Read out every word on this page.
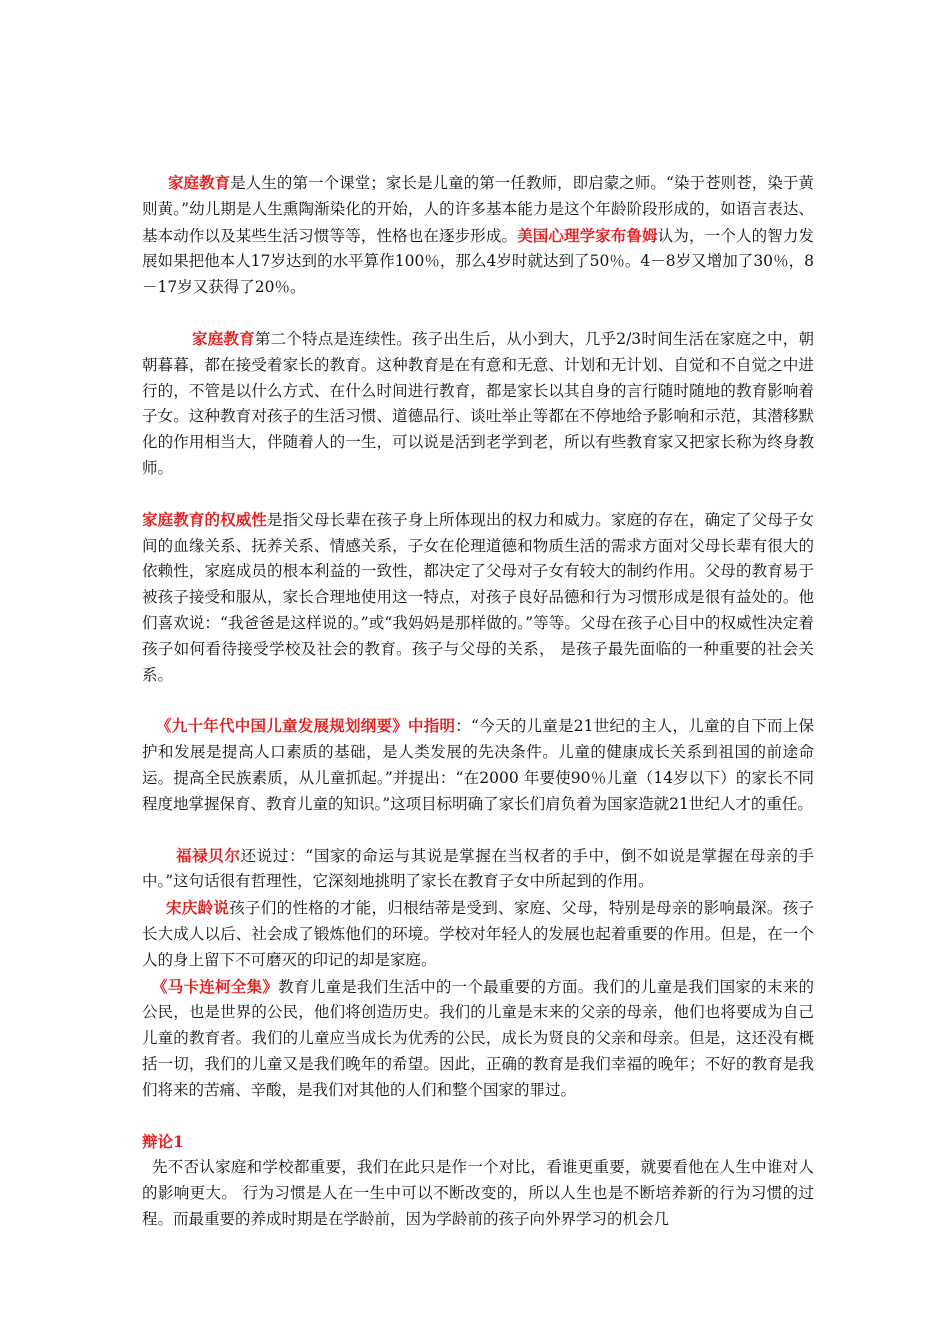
家庭教育是人生的第一个课堂；家长是儿童的第一任教师，即启蒙之师。“染于苍则苍，染于黄则黄。”幼儿期是人生熏陶渐染化的开始，人的许多基本能力是这个年龄阶段形成的，如语言表达、基本动作以及某些生活习惯等等，性格也在逐步形成。美国心理学家布鲁姆认为，一个人的智力发展如果把他本人17岁达到的水平算作100％，那么4岁时就达到了50％。4－8岁又增加了30％，8－17岁又获得了20％。

家庭教育第二个特点是连续性。孩子出生后，从小到大，几乎2/3时间生活在家庭之中，朝朝暮暮，都在接受着家长的教育。这种教育是在有意和无意、计划和无计划、自觉和不自觉之中进行的，不管是以什么方式、在什么时间进行教育，都是家长以其自身的言行随时随地的教育影响着子女。这种教育对孩子的生活习惯、道德品行、谈吐举止等都在不停地给予影响和示范，其潜移默化的作用相当大，伴随着人的一生，可以说是活到老学到老，所以有些教育家又把家长称为终身教师。

家庭教育的权威性是指父母长辈在孩子身上所体现出的权力和威力。家庭的存在，确定了父母子女间的血缘关系、抚养关系、情感关系，子女在伦理道德和物质生活的需求方面对父母长辈有很大的依赖性，家庭成员的根本利益的一致性，都决定了父母对子女有较大的制约作用。父母的教育易于被孩子接受和服从，家长合理地使用这一特点，对孩子良好品德和行为习惯形成是很有益处的。他们喜欢说：“我爸爸是这样说的。”或“我妈妈是那样做的。”等等。父母在孩子心目中的权威性决定着孩子如何看待接受学校及社会的教育。孩子与父母的关系， 是孩子最先面临的一种重要的社会关系。

《九十年代中国儿童发展规划纲要》中指明：“今天的儿童是21世纪的主人，儿童的自下而上保护和发展是提高人口素质的基础，是人类发展的先决条件。儿童的健康成长关系到祖国的前途命运。提高全民族素质，从儿童抓起。”并提出：“在2000 年要使90％儿童（14岁以下）的家长不同程度地掌握保育、教育儿童的知识。”这项目标明确了家长们肩负着为国家造就21世纪人才的重任。

福禄贝尔还说过：“国家的命运与其说是掌握在当权者的手中，倒不如说是掌握在母亲的手中。”这句话很有哲理性，它深刻地挑明了家长在教育子女中所起到的作用。

宋庆龄说孩子们的性格的才能，归根结蒂是受到、家庭、父母，特别是母亲的影响最深。孩子长大成人以后、社会成了锻炼他们的环境。学校对年轻人的发展也起着重要的作用。但是，在一个人的身上留下不可磨灭的印记的却是家庭。

《马卡连柯全集》教育儿童是我们生活中的一个最重要的方面。我们的儿童是我们国家的末来的公民，也是世界的公民，他们将创造历史。我们的儿童是末来的父亲的母亲，他们也将要成为自己儿童的教育者。我们的儿童应当成长为优秀的公民，成长为贤良的父亲和母亲。但是，这还没有概括一切，我们的儿童又是我们晚年的希望。因此，正确的教育是我们幸福的晚年；不好的教育是我们将来的苦痛、辛酸，是我们对其他的人们和整个国家的罪过。

辩论1

先不否认家庭和学校都重要，我们在此只是作一个对比，看谁更重要，就要看他在人生中谁对人的影响更大。 行为习惯是人在一生中可以不断改变的，所以人生也是不断培养新的行为习惯的过程。而最重要的养成时期是在学龄前，因为学龄前的孩子向外界学习的机会几
